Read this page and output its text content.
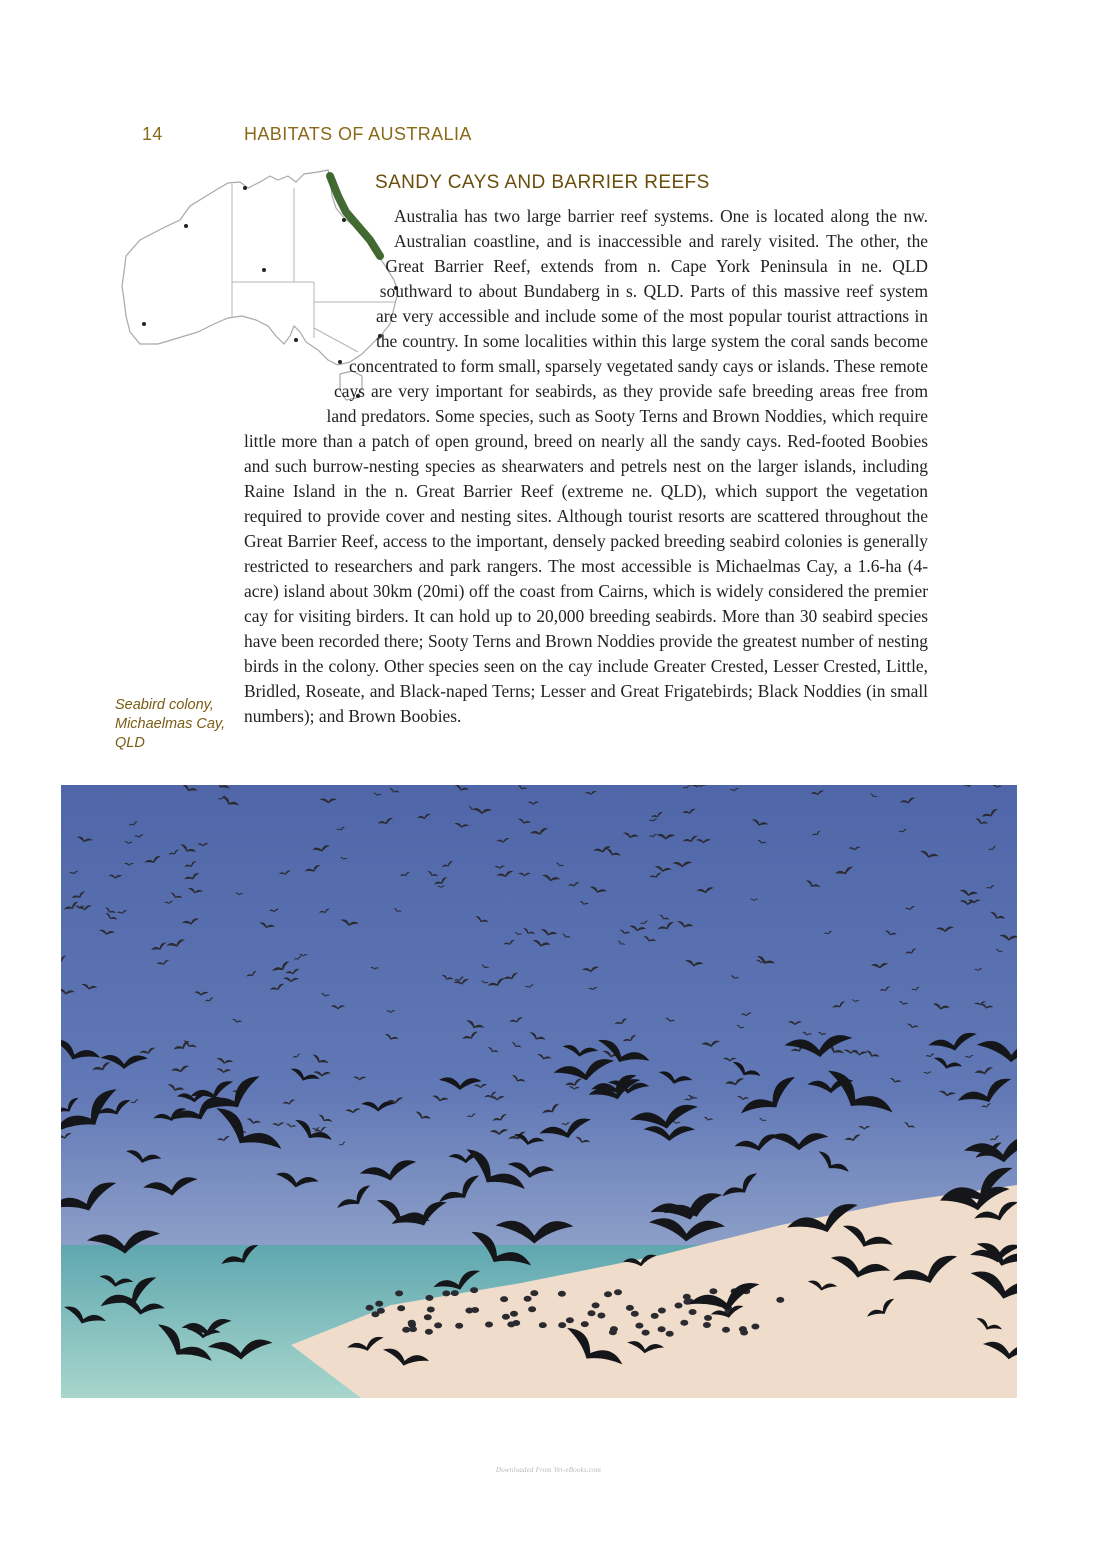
14	HABITATS OF AUSTRALIA
SANDY CAYS AND BARRIER REEFS
Seabird colony, Michaelmas Cay, QLD
Australia has two large barrier reef systems. One is located along the nw. Australian coastline, and is inaccessible and rarely visited. The other, the Great Barrier Reef, extends from n. Cape York Peninsula in ne. QLD southward to about Bundaberg in s. QLD. Parts of this massive reef system are very accessible and include some of the most popular tourist attractions in the country. In some localities within this large system the coral sands become concentrated to form small, sparsely vegetated sandy cays or islands. These remote cays are very important for seabirds, as they provide safe breeding areas free from land predators. Some species, such as Sooty Terns and Brown Noddies, which require little more than a patch of open ground, breed on nearly all the sandy cays. Red-footed Boobies and such burrow-nesting species as shearwaters and petrels nest on the larger islands, including Raine Island in the n. Great Barrier Reef (extreme ne. QLD), which support the vegetation required to provide cover and nesting sites. Although tourist resorts are scattered throughout the Great Barrier Reef, access to the important, densely packed breeding seabird colonies is generally restricted to researchers and park rangers. The most accessible is Michaelmas Cay, a 1.6-ha (4-acre) island about 30km (20mi) off the coast from Cairns, which is widely considered the premier cay for visiting birders. It can hold up to 20,000 breeding seabirds. More than 30 seabird species have been recorded there; Sooty Terns and Brown Noddies provide the greatest number of nesting birds in the colony. Other species seen on the cay include Greater Crested, Lesser Crested, Little, Bridled, Roseate, and Black-naped Terns; Lesser and Great Frigatebirds; Black Noddies (in small numbers); and Brown Boobies.
Downloaded From Vet-eBooks.com
